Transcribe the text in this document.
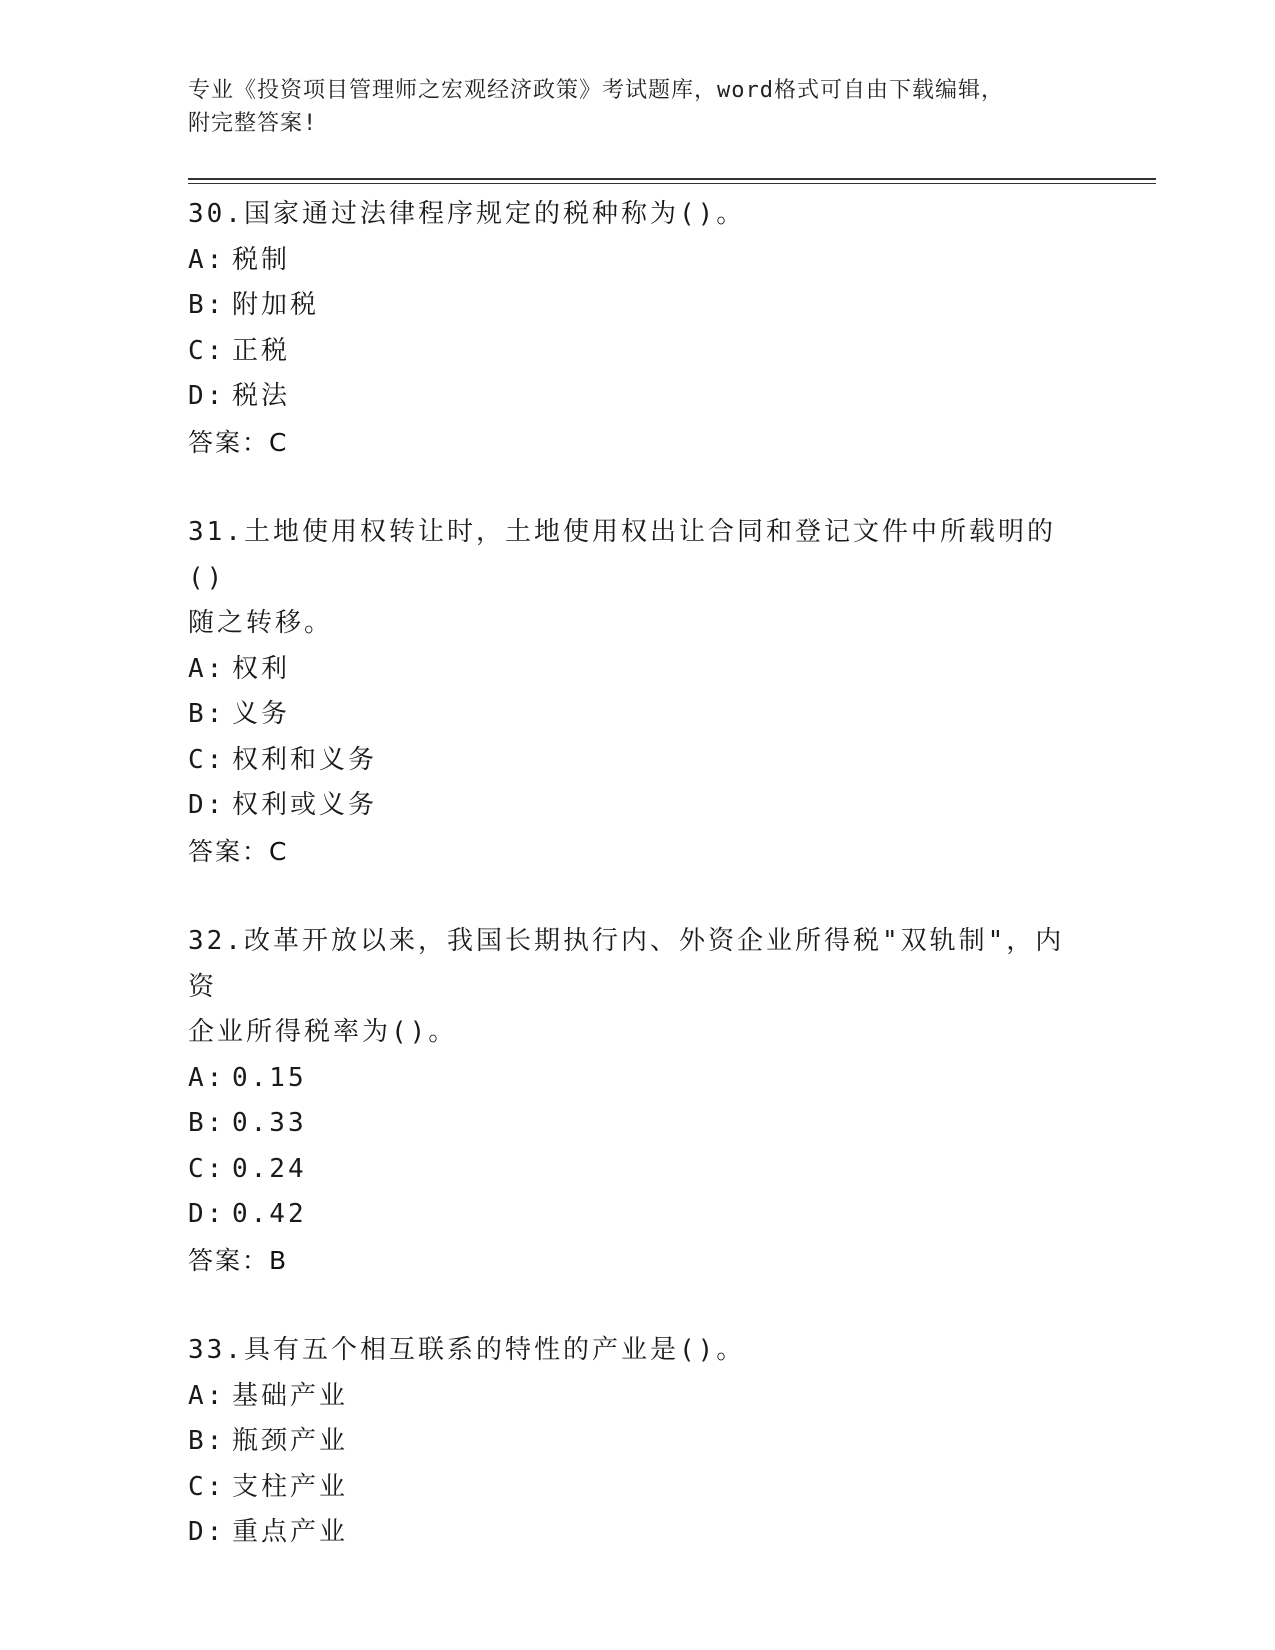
专业《投资项目管理师之宏观经济政策》考试题库，word格式可自由下载编辑，
附完整答案!

30.国家通过法律程序规定的税种称为()。

A: 税制

B: 附加税

C: 正税

D: 税法

答案：C

31.土地使用权转让时，土地使用权出让合同和登记文件中所载明的()

随之转移。

A: 权利

B: 义务

C: 权利和义务

D: 权利或义务

答案：C

32.改革开放以来，我国长期执行内、外资企业所得税"双轨制"，内资

企业所得税率为()。

A: 0.15

B: 0.33

C: 0.24

D: 0.42

答案：B

33.具有五个相互联系的特性的产业是()。

A: 基础产业

B: 瓶颈产业

C: 支柱产业

D: 重点产业
